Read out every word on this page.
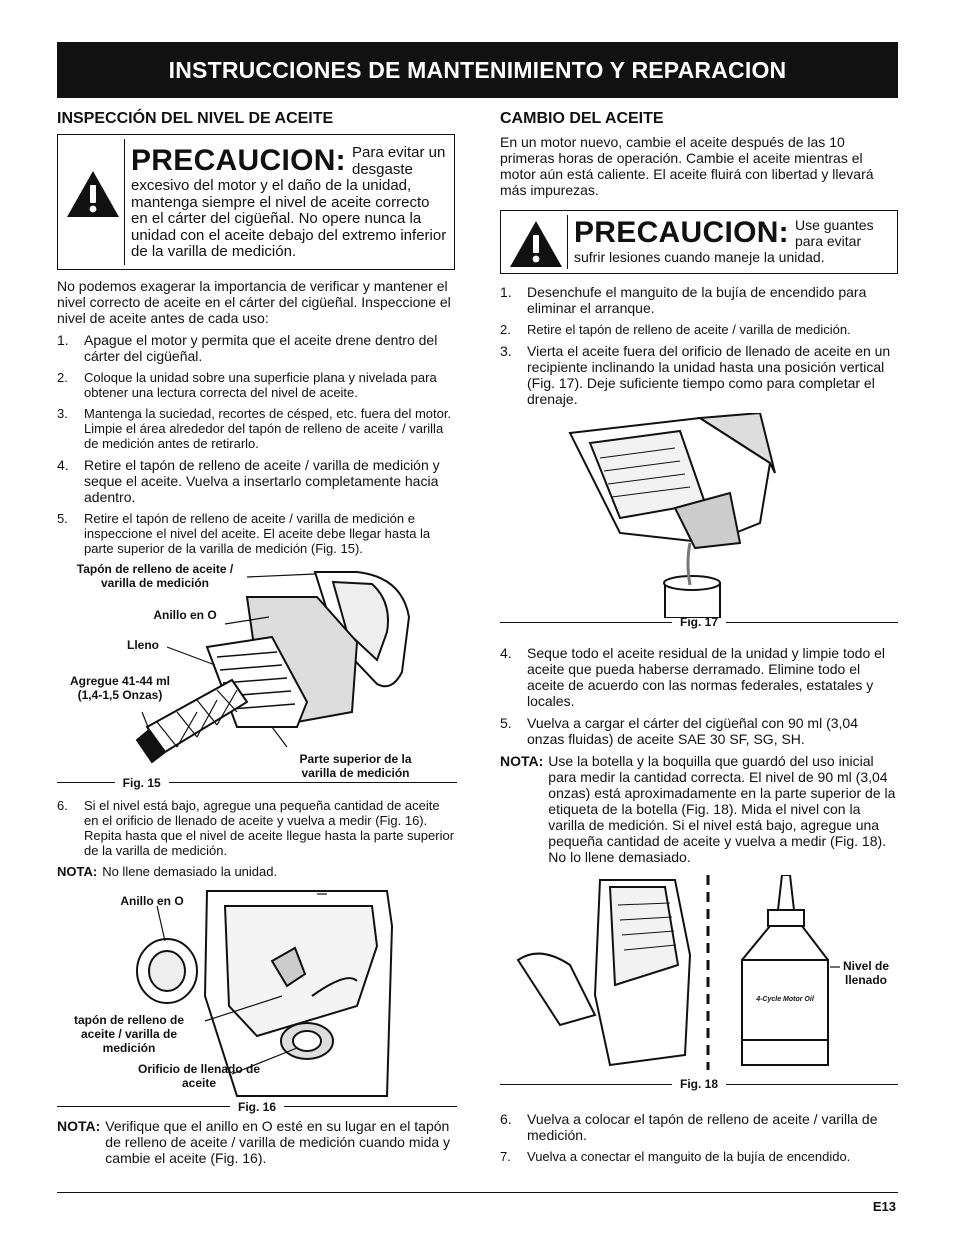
INSTRUCCIONES DE MANTENIMIENTO Y REPARACION
INSPECCIÓN DEL NIVEL DE ACEITE
PRECAUCION: Para evitar un desgaste excesivo del motor y el daño de la unidad, mantenga siempre el nivel de aceite correcto en el cárter del cigüeñal. No opere nunca la unidad con el aceite debajo del extremo inferior de la varilla de medición.

No podemos exagerar la importancia de verificar y mantener el nivel correcto de aceite en el cárter del cigüeñal. Inspeccione el nivel de aceite antes de cada uso:

1.	Apague el motor y permita que el aceite drene dentro del cárter del cigüeñal.
2.	Coloque la unidad sobre una superficie plana y nivelada para obtener una lectura correcta del nivel de aceite.
3.	Mantenga la suciedad, recortes de césped, etc. fuera del motor. Limpie el área alrededor del tapón de relleno de aceite / varilla de medición antes de retirarlo.
4.	Retire el tapón de relleno de aceite / varilla de medición y seque el aceite. Vuelva a insertarlo completamente hacia adentro.
5.	Retire el tapón de relleno de aceite / varilla de medición e inspeccione el nivel del aceite. El aceite debe llegar hasta la parte superior de la varilla de medición (Fig. 15).
Tapón de relleno de aceite / varilla de medición
Anillo en O
Lleno
Agregue 41-44 ml (1,4-1,5 Onzas)
Parte superior de la varilla de medición
Fig. 15
6.	Si el nivel está bajo, agregue una pequeña cantidad de aceite en el orificio de llenado de aceite y vuelva a medir (Fig. 16). Repita hasta que el nivel de aceite llegue hasta la parte superior de la varilla de medición.
NOTA: No llene demasiado la unidad.
Anillo en O
tapón de relleno de aceite / varilla de medición
Orificio de llenado de aceite
Fig. 16
NOTA: Verifique que el anillo en O esté en su lugar en el tapón de relleno de aceite / varilla de medición cuando mida y cambie el aceite (Fig. 16).
CAMBIO DEL ACEITE

En un motor nuevo, cambie el aceite después de las 10 primeras horas de operación. Cambie el aceite mientras el motor aún está caliente. El aceite fluirá con libertad y llevará más impurezas.

PRECAUCION: Use guantes para evitar sufrir lesiones cuando maneje la unidad.
1.	Desenchufe el manguito de la bujía de encendido para eliminar el arranque.
2.	Retire el tapón de relleno de aceite / varilla de medición.
3.	Vierta el aceite fuera del orificio de llenado de aceite en un recipiente inclinando la unidad hasta una posición vertical (Fig. 17). Deje suficiente tiempo como para completar el drenaje.
Fig. 17
4.	Seque todo el aceite residual de la unidad y limpie todo el aceite que pueda haberse derramado. Elimine todo el aceite de acuerdo con las normas federales, estatales y locales.
5.	Vuelva a cargar el cárter del cigüeñal con 90 ml (3,04 onzas fluidas) de aceite SAE 30 SF, SG, SH.
NOTA: Use la botella y la boquilla que guardó del uso inicial para medir la cantidad correcta. El nivel de 90 ml (3,04 onzas) está aproximadamente en la parte superior de la etiqueta de la botella (Fig. 18). Mida el nivel con la varilla de medición. Si el nivel está bajo, agregue una pequeña cantidad de aceite y vuelva a medir (Fig. 18). No lo llene demasiado.
4-Cycle Motor Oil
Nivel de llenado
Fig. 18
6.	Vuelva a colocar el tapón de relleno de aceite / varilla de medición.
7.	Vuelva a conectar el manguito de la bujía de encendido.
E13
